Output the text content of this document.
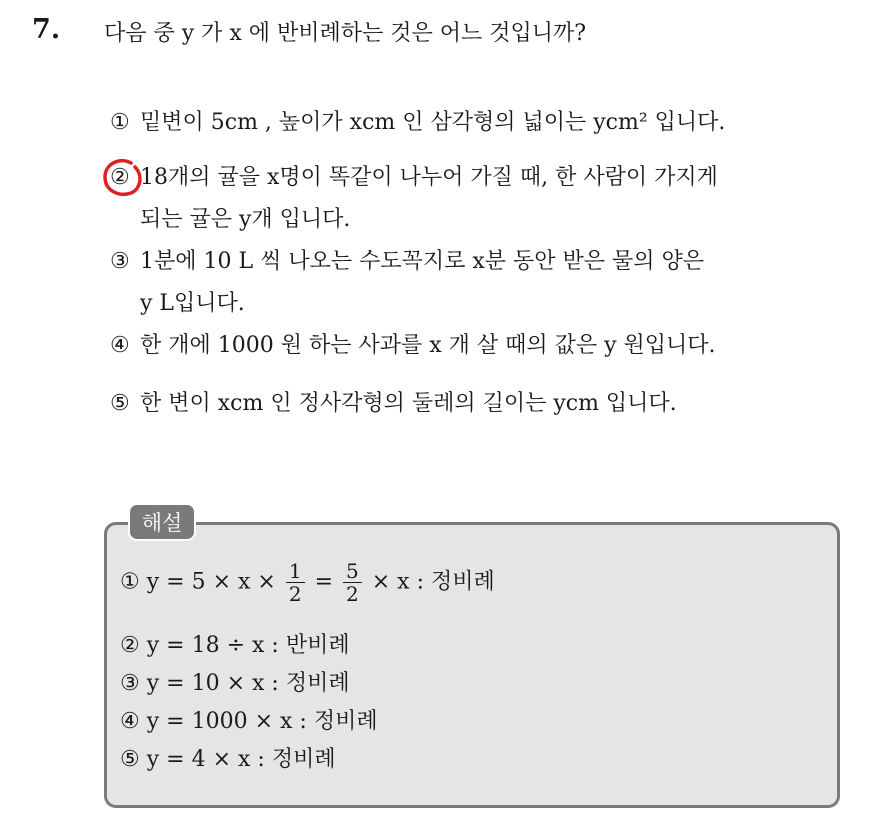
7. 다음 중 y 가 x 에 반비례하는 것은 어느 것입니까?
① 밑변이 5cm , 높이가 xcm 인 삼각형의 넓이는 ycm² 입니다.
② 18개의 귤을 x명이 똑같이 나누어 가질 때, 한 사람이 가지게
되는 귤은 y개 입니다.
③ 1분에 10 L 씩 나오는 수도꼭지로 x분 동안 받은 물의 양은
y L입니다.
④ 한 개에 1000 원 하는 사과를 x 개 살 때의 값은 y 원입니다.
⑤ 한 변이 xcm 인 정사각형의 둘레의 길이는 ycm 입니다.
해설
① $y = 5 \times x \times \frac{1}{2} = \frac{5}{2} \times x$ : 정비례
② y = 18 ÷ x : 반비례
③ y = 10 × x : 정비례
④ y = 1000 × x : 정비례
⑤ y = 4 × x : 정비례
